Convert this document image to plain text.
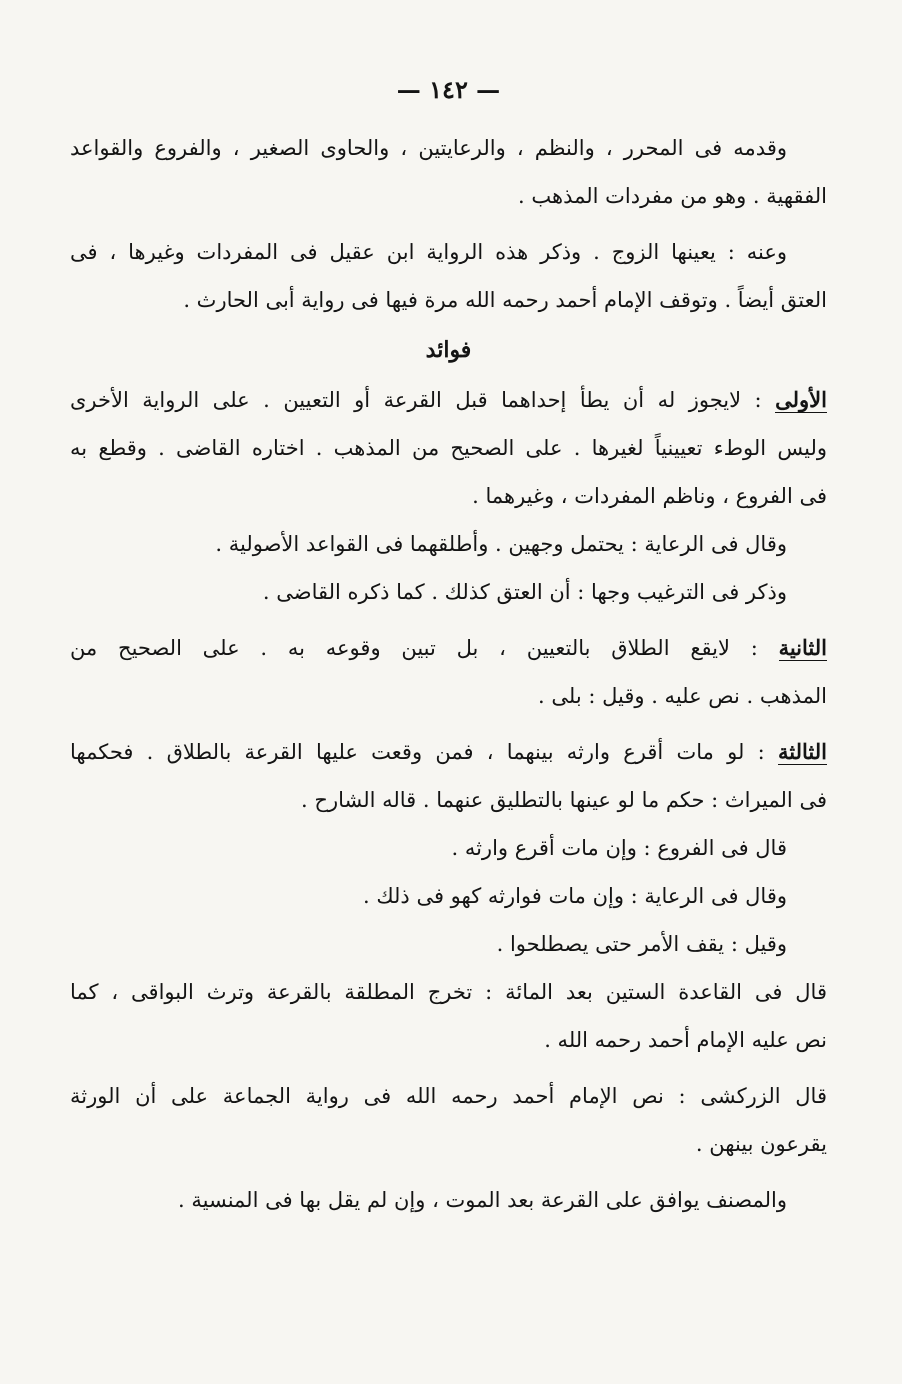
— ١٤٢ —
وقدمه فى المحرر ، والنظم ، والرعايتين ، والحاوى الصغير ، والفروع والقواعد
الفقهية . وهو من مفردات المذهب .
وعنه : يعينها الزوج . وذكر هذه الرواية ابن عقيل فى المفردات وغيرها ، فى
العتق أيضاً . وتوقف الإمام أحمد رحمه الله مرة فيها فى رواية أبى الحارث .
فوائد
الأولى : لايجوز له أن يطأ إحداهما قبل القرعة أو التعيين . على الرواية الأخرى
وليس الوطء تعيينياً لغيرها . على الصحيح من المذهب . اختاره القاضى . وقطع به
فى الفروع ، وناظم المفردات ، وغيرهما .
وقال فى الرعاية : يحتمل وجهين . وأطلقهما فى القواعد الأصولية .
وذكر فى الترغيب وجها : أن العتق كذلك . كما ذكره القاضى .
الثانية : لايقع الطلاق بالتعيين ، بل تبين وقوعه به . على الصحيح من
المذهب . نص عليه . وقيل : بلى .
الثالثة : لو مات أقرع وارثه بينهما ، فمن وقعت عليها القرعة بالطلاق . فحكمها
فى الميراث : حكم ما لو عينها بالتطليق عنهما . قاله الشارح .
قال فى الفروع : وإن مات أقرع وارثه .
وقال فى الرعاية : وإن مات فوارثه كهو فى ذلك .
وقيل : يقف الأمر حتى يصطلحوا .
قال فى القاعدة الستين بعد المائة : تخرج المطلقة بالقرعة وترث البواقى ، كما
نص عليه الإمام أحمد رحمه الله .
قال الزركشى : نص الإمام أحمد رحمه الله فى رواية الجماعة على أن الورثة
يقرعون بينهن .
والمصنف يوافق على القرعة بعد الموت ، وإن لم يقل بها فى المنسية .
